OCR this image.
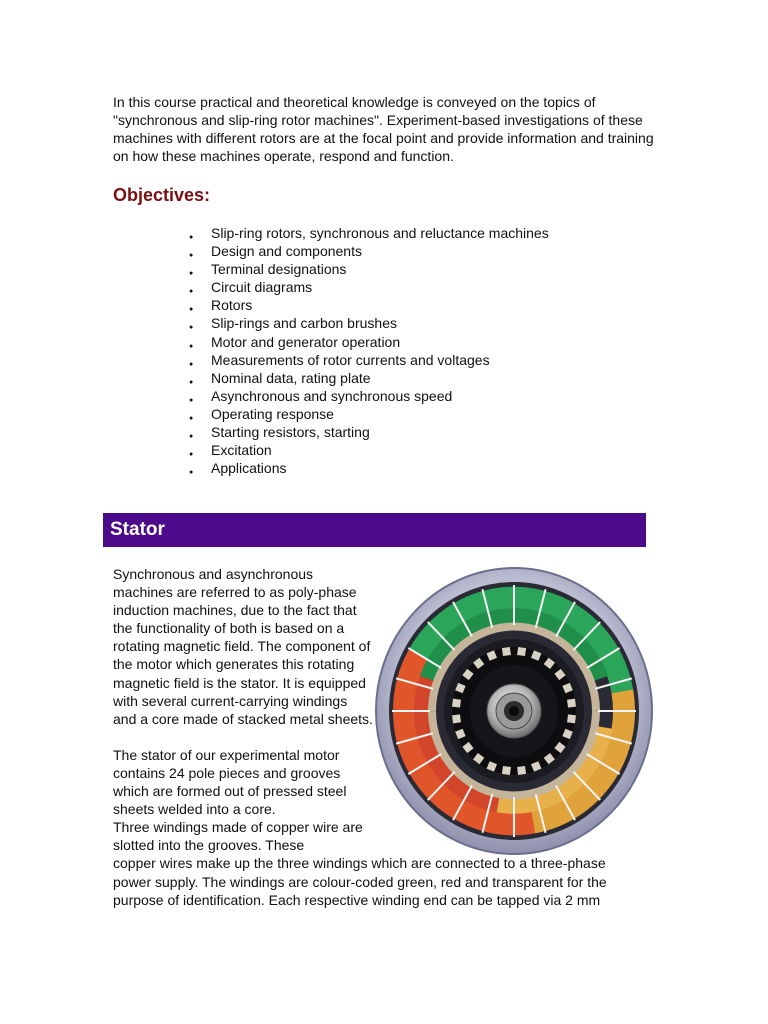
In this course practical and theoretical knowledge is conveyed on the topics of "synchronous and slip-ring rotor machines". Experiment-based investigations of these machines with different rotors are at the focal point and provide information and training on how these machines operate, respond and function.

Objectives:
● Slip-ring rotors, synchronous and reluctance machines
● Design and components
● Terminal designations
● Circuit diagrams
● Rotors
● Slip-rings and carbon brushes
● Motor and generator operation
● Measurements of rotor currents and voltages
● Nominal data, rating plate
● Asynchronous and synchronous speed
● Operating response
● Starting resistors, starting
● Excitation
● Applications
Stator

Synchronous and asynchronous machines are referred to as poly-phase induction machines, due to the fact that the functionality of both is based on a rotating magnetic field. The component of the motor which generates this rotating magnetic field is the stator. It is equipped with several current-carrying windings and a core made of stacked metal sheets.

The stator of our experimental motor contains 24 pole pieces and grooves which are formed out of pressed steel sheets welded into a core.

Three windings made of copper wire are slotted into the grooves. These

copper wires make up the three windings which are connected to a three-phase power supply. The windings are colour-coded green, red and transparent for the purpose of identification. Each respective winding end can be tapped via 2 mm
